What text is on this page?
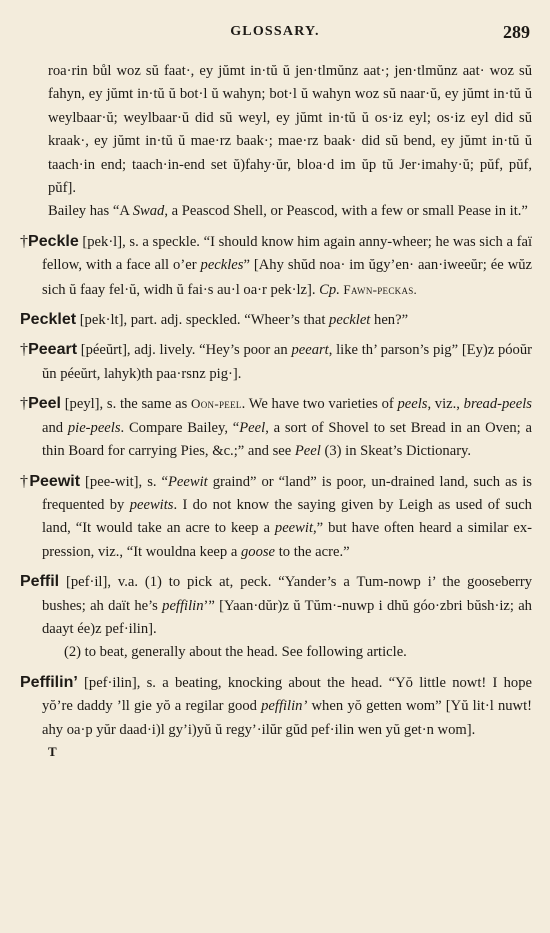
GLOSSARY.	289

roa·rin bůl woz sŭ faat·, ey jŭmt in·tŭ ŭ jen·tlmŭnz aat·; jen·tlmŭnz aat· woz sŭ fahyn, ey jŭmt in·tŭ ŭ bot·l ŭ wahyn; bot·l ŭ wahyn woz sŭ naar·ŭ, ey jŭmt in·tŭ ŭ weylbaar·ŭ; weylbaar·ŭ did sŭ weyl, ey jŭmt in·tŭ ŭ os·iz eyl; os·iz eyl did sŭ kraak·, ey jŭmt in·tŭ ŭ mae·rz baak·; mae·rz baak· did sŭ bend, ey jŭmt in·tŭ ŭ taach·in end; taach·in-end set ŭ)fahy·ŭr, bloa·d im ŭp tŭ Jer·imahy·ŭ; pŭf, pŭf, pŭf].

Bailey has “A Swad, a Peascod Shell, or Peascod, with a few or small Pease in it.”

†Peckle [pek·l], s. a speckle. “I should know him again anny-wheer; he was sich a faï fellow, with a face all o’er peckles” [Ahy shŭd noa· im ŭgy’en· aan·iweeŭr; ée wŭz sich ŭ faay fel·ŭ, widh ŭ fai·s au·l oa·r pek·lz]. Cp. Fawn-peckas.

Pecklet [pek·lt], part. adj. speckled. “Wheer’s that pecklet hen?”

†Peeart [péeŭrt], adj. lively. “Hey’s poor an peeart, like th’ parson’s pig” [Ey)z póoŭr ŭn péeŭrt, lahyk)th paa·rsnz pig·].

†Peel [peyl], s. the same as Oon-peel. We have two varieties of peels, viz., bread-peels and pie-peels. Compare Bailey, “Peel, a sort of Shovel to set Bread in an Oven; a thin Board for carrying Pies, &c.;” and see Peel (3) in Skeat’s Dictionary.

†Peewit [pee-wit], s. “Peewit graind” or “land” is poor, un-drained land, such as is frequented by peewits. I do not know the saying given by Leigh as used of such land, “It would take an acre to keep a peewit,” but have often heard a similar ex-pression, viz., “It wouldna keep a goose to the acre.”

Peffil [pef·il], v.a. (1) to pick at, peck. “Yander’s a Tum-nowp i’ the gooseberry bushes; ah daït he’s peffilin’” [Yaan·dŭr)z ŭ Tŭm·-nuwp i dhŭ góo·zbri bŭsh·iz; ah daayt ée)z pef·ilin].

(2) to beat, generally about the head. See following article.

Peffilin’ [pef·ilin], s. a beating, knocking about the head. “Yŏ little nowt! I hope yŏ’re daddy ’ll gie yŏ a regilar good peffilin’ when yŏ getten wom” [Yŭ lit·l nuwt! ahy oa·p yŭr daad·i)l gy’i)yŭ ŭ regy’·ilŭr gŭd pef·ilin wen yŭ get·n wom].

T
